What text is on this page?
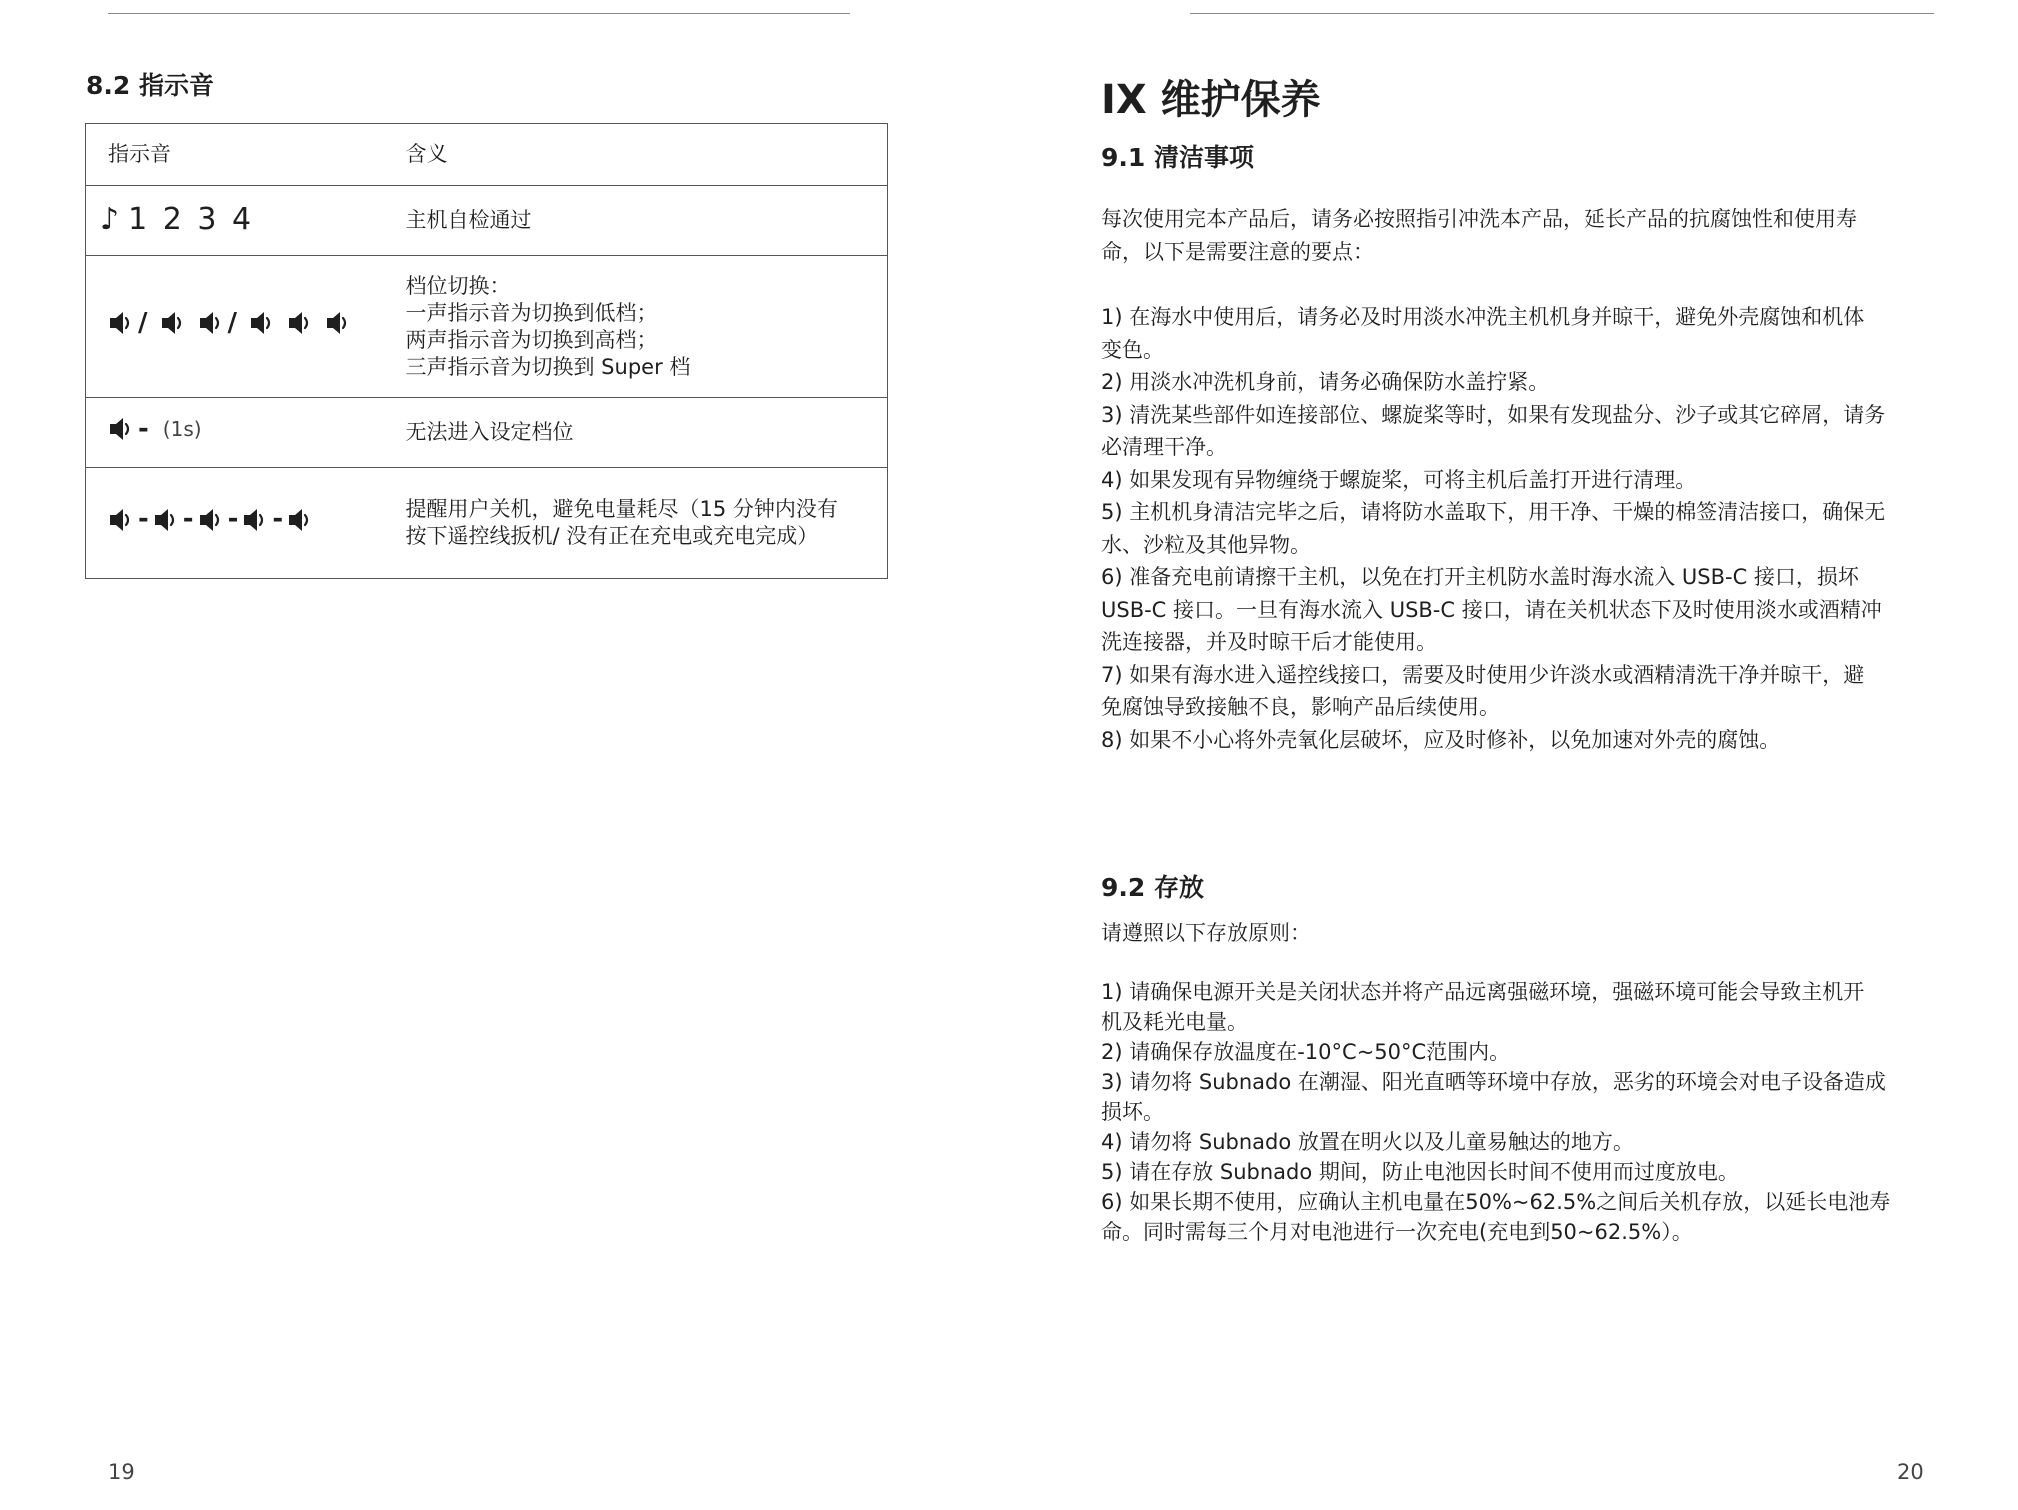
8.2 指示音
指示音	含义

♪ 1 2 3 4	主机自检通过

/ /	档位切换：
一声指示音为切换到低档；
两声指示音为切换到高档；
三声指示音为切换到 Super 档

- (1s)	无法进入设定档位

- - - -	提醒用户关机，避免电量耗尽（15 分钟内没有
按下遥控线扳机/ 没有正在充电或充电完成）
19
IX 维护保养
9.1 清洁事项

每次使用完本产品后，请务必按照指引冲洗本产品，延长产品的抗腐蚀性和使用寿
命，以下是需要注意的要点：

1) 在海水中使用后，请务必及时用淡水冲洗主机机身并晾干，避免外壳腐蚀和机体
变色。
2) 用淡水冲洗机身前，请务必确保防水盖拧紧。
3) 清洗某些部件如连接部位、螺旋桨等时，如果有发现盐分、沙子或其它碎屑，请务
必清理干净。
4) 如果发现有异物缠绕于螺旋桨，可将主机后盖打开进行清理。
5) 主机机身清洁完毕之后，请将防水盖取下，用干净、干燥的棉签清洁接口，确保无
水、沙粒及其他异物。
6) 准备充电前请擦干主机，以免在打开主机防水盖时海水流入 USB-C 接口，损坏
USB-C 接口。一旦有海水流入 USB-C 接口，请在关机状态下及时使用淡水或酒精冲
洗连接器，并及时晾干后才能使用。
7) 如果有海水进入遥控线接口，需要及时使用少许淡水或酒精清洗干净并晾干，避
免腐蚀导致接触不良，影响产品后续使用。
8) 如果不小心将外壳氧化层破坏，应及时修补，以免加速对外壳的腐蚀。

9.2 存放

请遵照以下存放原则：

1) 请确保电源开关是关闭状态并将产品远离强磁环境，强磁环境可能会导致主机开
机及耗光电量。
2) 请确保存放温度在-10°C~50°C范围内。
3) 请勿将 Subnado 在潮湿、阳光直晒等环境中存放，恶劣的环境会对电子设备造成
损坏。
4) 请勿将 Subnado 放置在明火以及儿童易触达的地方。
5) 请在存放 Subnado 期间，防止电池因长时间不使用而过度放电。
6) 如果长期不使用，应确认主机电量在50%~62.5%之间后关机存放，以延长电池寿
命。同时需每三个月对电池进行一次充电(充电到50~62.5%）。

20
